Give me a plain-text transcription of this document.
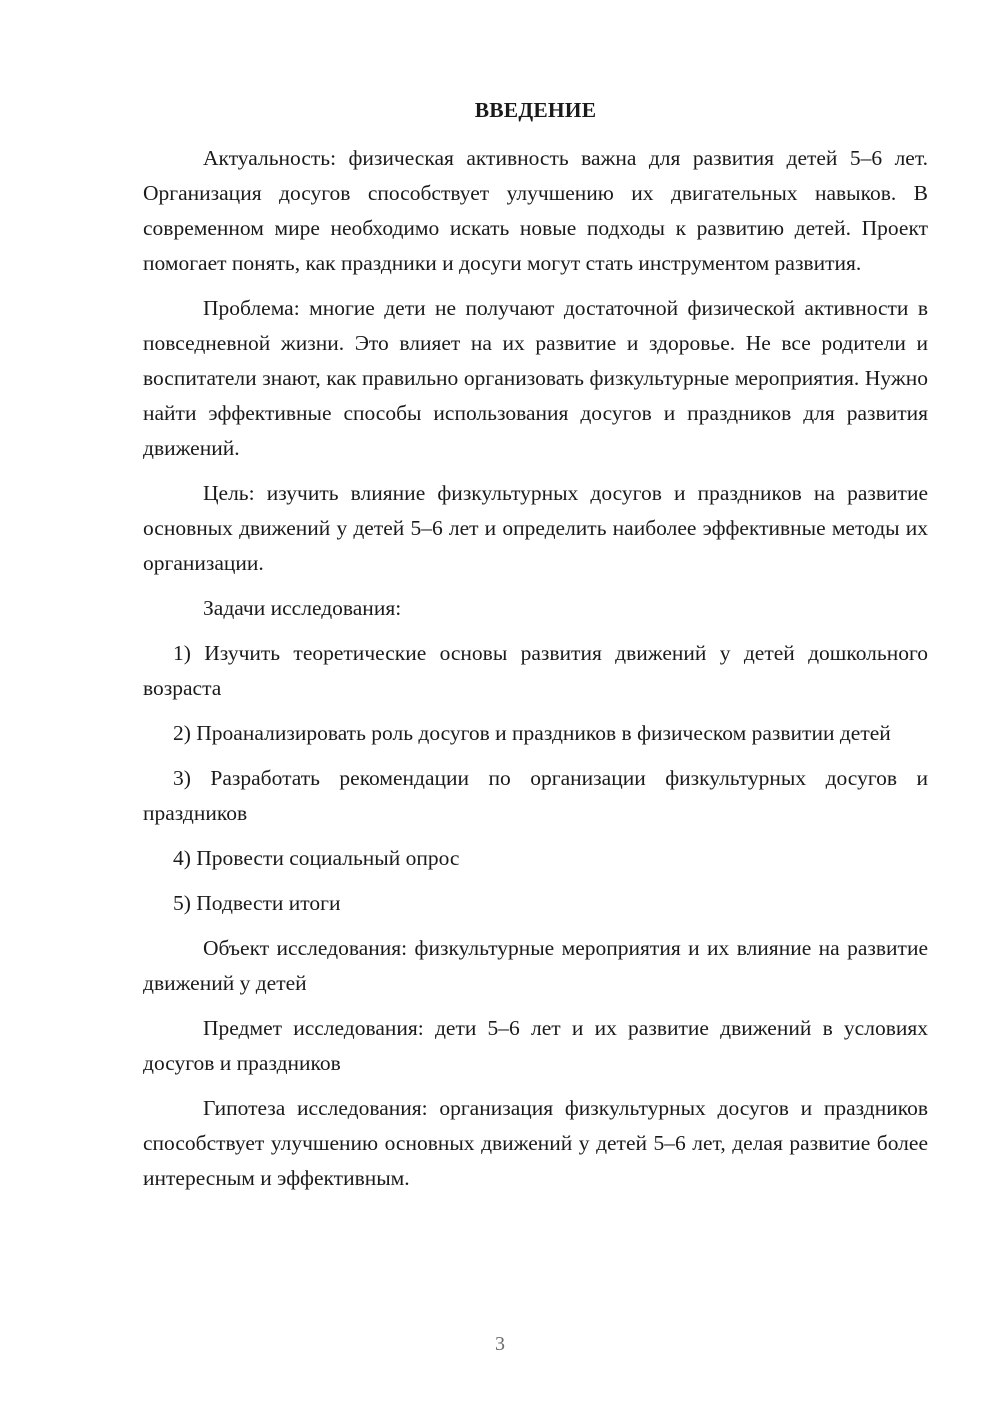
ВВЕДЕНИЕ

Актуальность: физическая активность важна для развития детей 5–6 лет. Организация досугов способствует улучшению их двигательных навыков. В современном мире необходимо искать новые подходы к развитию детей. Проект помогает понять, как праздники и досуги могут стать инструментом развития.

Проблема: многие дети не получают достаточной физической активности в повседневной жизни. Это влияет на их развитие и здоровье. Не все родители и воспитатели знают, как правильно организовать физкультурные мероприятия. Нужно найти эффективные способы использования досугов и праздников для развития движений.

Цель: изучить влияние физкультурных досугов и праздников на развитие основных движений у детей 5–6 лет и определить наиболее эффективные методы их организации.

Задачи исследования:

1) Изучить теоретические основы развития движений у детей дошкольного возраста

2) Проанализировать роль досугов и праздников в физическом развитии детей

3) Разработать рекомендации по организации физкультурных досугов и праздников

4) Провести социальный опрос

5) Подвести итоги

Объект исследования: физкультурные мероприятия и их влияние на развитие движений у детей

Предмет исследования: дети 5–6 лет и их развитие движений в условиях досугов и праздников

Гипотеза исследования: организация физкультурных досугов и праздников способствует улучшению основных движений у детей 5–6 лет, делая развитие более интересным и эффективным.

3
